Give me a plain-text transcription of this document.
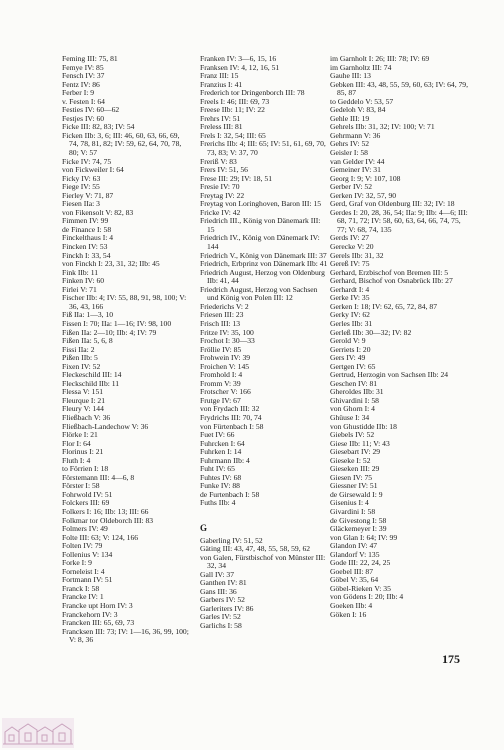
Feming III: 75, 81
Femye IV: 85
Fensch IV: 37
Fentz IV: 86
Ferber I: 9
v. Festen I: 64
Festies IV: 60—62
Festjes IV: 60
Ficke III: 82, 83; IV: 54
Ficken IIb: 3, 6; III: 46, 60, 63, 66, 69, 74, 78, 81, 82; IV: 59, 62, 64, 70, 78, 80; V: 57
Ficke IV: 74, 75
von Fickweiler I: 64
Ficky IV: 63
Fiege IV: 55
Fierley V: 71, 87
Fiesen IIa: 3
von Fikensolt V: 82, 83
Fimmen IV: 99
de Finance I: 58
Finckelthaus I: 4
Fincken IV: 53
Finckh I: 33, 54
von Finckh I: 23, 31, 32; IIb: 45
Fink IIb: 11
Finken IV: 60
Firlei V: 71
Fischer IIb: 4; IV: 55, 88, 91, 98, 100; V: 36, 43, 166
Fiß IIa: 1—3, 10
Fissen I: 70; IIa: 1—16; IV: 98, 100
Fißen IIa: 2—10; IIb: 4; IV: 79
Fißen IIa: 5, 6, 8
Fissi IIa: 2
Pißen IIb: 5
Fixen IV: 52
Fleckeschild III: 14
Fleckschild IIb: 11
Flessa V: 151
Fleurque I: 21
Fleury V: 144
Fließbach V: 36
Fließbach-Landechow V: 36
Flörke I: 21
Flor I: 64
Florinus I: 21
Fluth I: 4
to Förrien I: 18
Förstemann III: 4—6, 8
Förster I: 58
Fohrwold IV: 51
Folckers III: 69
Folkers I: 16; IIb: 13; III: 66
Folkmar tor Oldeborch III: 83
Folmers IV: 49
Folte III: 63; V: 124, 166
Folten IV: 79
Follenius V: 134
Forke I: 9
Forneleist I: 4
Fortmann IV: 51
Franck I: 58
Francke IV: 1
Francke upt Horn IV: 3
Franckehorn IV: 3
Francken III: 65, 69, 73
Francksen III: 73; IV: 1—16, 36, 99, 100; V: 8, 36
Franken IV: 3—6, 15, 16
Franksen IV: 4, 12, 16, 51
Franz III: 15
Franzius I: 41
Frederich tor Dringenborch III: 78
Freels I: 46; III: 69, 73
Freese IIb: 11; IV: 22
Frehrs IV: 51
Freless III: 81
Frels I: 32, 54; III: 65
Frerichs IIb: 4; III: 65; IV: 51, 61, 69, 70, 73, 83; V: 37, 70
Freriß V: 83
Frers IV: 51, 56
Frese III: 29; IV: 18, 51
Fresie IV: 70
Freytag IV: 22
Freytag von Loringhoven, Baron III: 15
Fricke IV: 42
Friedrich III., König von Dänemark III: 15
Friedrich IV., König von Dänemark IV: 144
Friedrich V., König von Dänemark III: 37
Friedrich, Erbprinz von Dänemark IIb: 41
Friedrich August, Herzog von Oldenburg IIb: 41, 44
Friedrich August, Herzog von Sachsen und König von Polen III: 12
Friederichs V: 2
Friesen III: 23
Frisch III: 13
Fritze IV: 35, 100
Frochot I: 30—33
Fröllie IV: 85
Frohwein IV: 39
Froichen V: 145
Fromhold I: 4
Fromm V: 39
Frotscher V: 166
Frutge IV: 67
von Frydach III: 32
Frydrichs III: 70, 74
von Fürtenbach I: 58
Fuet IV: 66
Fuhrcken I: 64
Fuhrken I: 14
Fuhrmann IIb: 4
Fuht IV: 65
Fuhtes IV: 68
Funke IV: 88
de Furtenbach I: 58
Fuths IIb: 4
G
Gaberling IV: 51, 52
Gäting III: 43, 47, 48, 55, 58, 59, 62
von Galen, Fürstbischof von Münster III: 32, 34
Gall IV: 37
Ganthen IV: 81
Gans III: 36
Garbers IV: 52
Garleriters IV: 86
Garles IV: 52
Garlichs I: 58
im Garnholt I: 26; III: 78; IV: 69
im Garnholtz III: 74
Gauhe III: 13
Gebken III: 43, 48, 55, 59, 60, 63; IV: 64, 79, 85, 87
to Geddelo V: 53, 57
Gedeloh V: 83, 84
Gehle III: 19
Gehrels IIb: 31, 32; IV: 100; V: 71
Gehrmann V: 36
Gehrs IV: 52
Geisler I: 58
van Gelder IV: 44
Gemeiner IV: 31
Georg I: 9; V: 107, 108
Gerber IV: 52
Gerken IV: 32, 57, 90
Gerd, Graf von Oldenburg III: 32; IV: 18
Gerdes I: 20, 28, 36, 54; IIa: 9; IIb: 4—6; III: 68, 71, 72; IV: 58, 60, 63, 64, 66, 74, 75, 77; V: 68, 74, 135
Gerds IV: 27
Gerecke V: 20
Gerels IIb: 31, 32
Gereß IV: 75
Gerhard, Erzbischof von Bremen III: 5
Gerhard, Bischof von Osnabrück IIb: 27
Gerhardt I: 4
Gerke IV: 35
Gerken I: 18; IV: 62, 65, 72, 84, 87
Gerky IV: 62
Gerles IIb: 31
Gerleß IIb: 30—32; IV: 82
Gerold V: 9
Gerriets I: 20
Gers IV: 49
Gertgen IV: 65
Gertrud, Herzogin von Sachsen IIb: 24
Geschen IV: 81
Gheroldes IIb: 31
Ghivardini I: 58
von Ghorn I: 4
Ghüuse I: 34
von Ghustidde IIb: 18
Giebels IV: 52
Giese IIb: 11; V: 43
Giesebart IV: 29
Gieseke I: 52
Gieseken III: 29
Giesen IV: 75
Giessner IV: 51
de Girsewald I: 9
Gisenius I: 4
Givardini I: 58
de Givestong I: 58
Gläckemeyer I: 39
von Glan I: 64; IV: 99
Glandon IV: 47
Glandorf V: 135
Gode III: 22, 24, 25
Goebel III: 87
Göbel V: 35, 64
Göbel-Rieken V: 35
von Gödens I: 20; IIb: 4
Goeken IIb: 4
Göken I: 16
175
